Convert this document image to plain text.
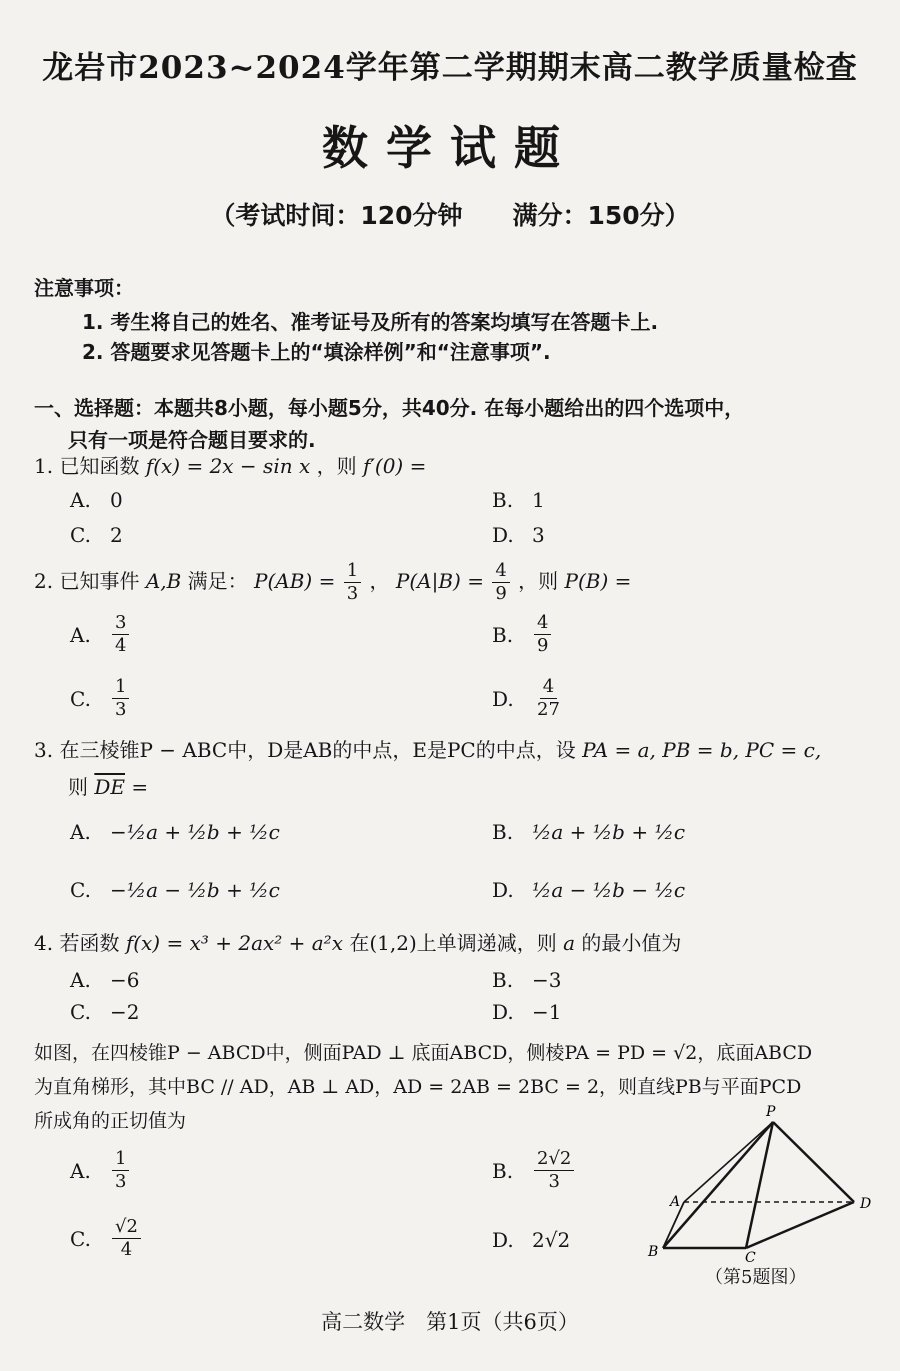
龙岩市2023~2024学年第二学期期末高二教学质量检查
数学试题
（考试时间：120分钟　　满分：150分）
注意事项：
1. 考生将自己的姓名、准考证号及所有的答案均填写在答题卡上.
2. 答题要求见答题卡上的“填涂样例”和“注意事项”.
一、选择题：本题共8小题，每小题5分，共40分. 在每小题给出的四个选项中，
只有一项是符合题目要求的.
1. 已知函数 f(x) = 2x − sin x ，则 f′(0) =
A. 0	B. 1
C. 2	D. 3
2. 已知事件 A,B 满足： $P(AB) = \frac{1}{3}$ ， $P(A|B) = \frac{4}{9}$ ，则 P(B) =
A.	$\frac{3}{4}$	B.	$\frac{4}{9}$
C.	$\frac{1}{3}$	D.	$\frac{4}{27}$
3. 在三棱锥P − ABC中，D是AB的中点，E是PC的中点，设 PA = a, PB = b, PC = c,
则 $\overline{DE}$ =
A. −½a + ½b + ½c	B. ½a + ½b + ½c
C. −½a − ½b + ½c	D. ½a − ½b − ½c
4. 若函数 f(x) = x³ + 2ax² + a²x 在(1,2)上单调递减，则 a 的最小值为
A. −6	B. −3
C. −2	D. −1
如图，在四棱锥P − ABCD中，侧面PAD ⊥ 底面ABCD，侧棱PA = PD = √2，底面ABCD
为直角梯形，其中BC // AD，AB ⊥ AD，AD = 2AB = 2BC = 2，则直线PB与平面PCD
所成角的正切值为
A.	$\frac{1}{3}$	B.	$\frac{2√2}{3}$
C.	$\frac{√2}{4}$	D. 2√2
P
A
B	C
D
（第5题图）
高二数学　第1页（共6页）
